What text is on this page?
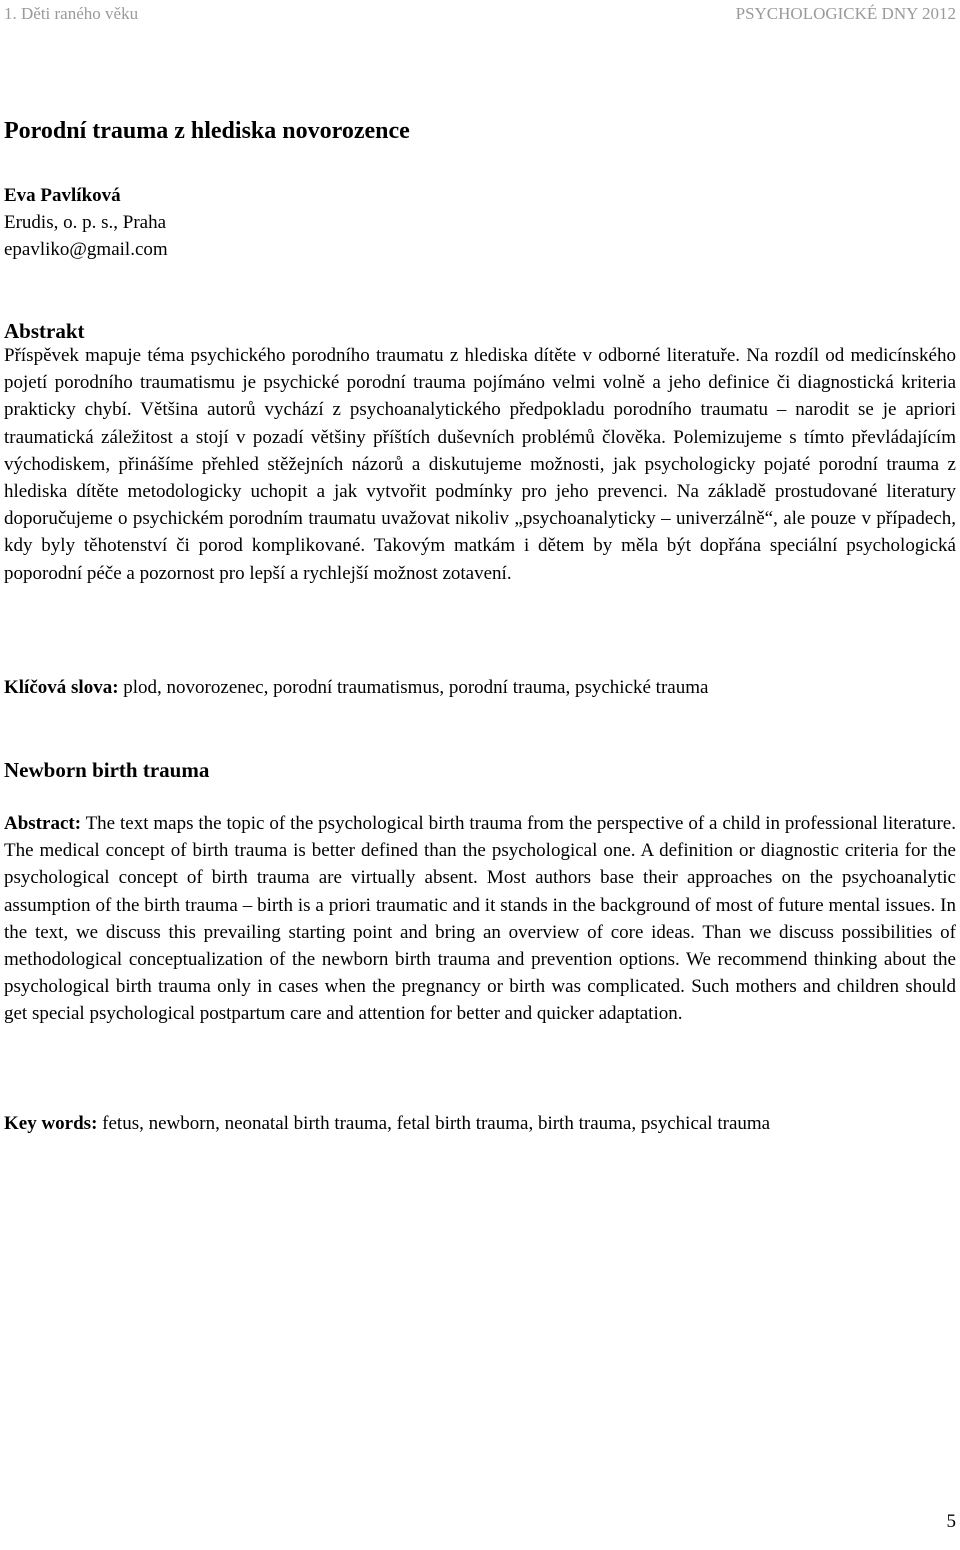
1. Děti raného věku	PSYCHOLOGICKÉ DNY 2012
Porodní trauma z hlediska novorozence
Eva Pavlíková
Erudis, o. p. s., Praha
epavliko@gmail.com
Abstrakt

Příspěvek mapuje téma psychického porodního traumatu z hlediska dítěte v odborné literatuře. Na rozdíl od medicínského pojetí porodního traumatismu je psychické porodní trauma pojímáno velmi volně a jeho definice či diagnostická kriteria prakticky chybí. Většina autorů vychází z psychoanalytického předpokladu porodního traumatu – narodit se je apriori traumatická záležitost a stojí v pozadí většiny příštích duševních problémů člověka. Polemizujeme s tímto převládajícím východiskem, přinášíme přehled stěžejních názorů a diskutujeme možnosti, jak psychologicky pojaté porodní trauma z hlediska dítěte metodologicky uchopit a jak vytvořit podmínky pro jeho prevenci. Na základě prostudované literatury doporučujeme o psychickém porodním traumatu uvažovat nikoliv „psychoanalyticky – univerzálně“, ale pouze v případech, kdy byly těhotenství či porod komplikované. Takovým matkám i dětem by měla být dopřána speciální psychologická poporodní péče a pozornost pro lepší a rychlejší možnost zotavení.

Klíčová slova: plod, novorozenec, porodní traumatismus, porodní trauma, psychické trauma

Newborn birth trauma

Abstract: The text maps the topic of the psychological birth trauma from the perspective of a child in professional literature. The medical concept of birth trauma is better defined than the psychological one. A definition or diagnostic criteria for the psychological concept of birth trauma are virtually absent. Most authors base their approaches on the psychoanalytic assumption of the birth trauma – birth is a priori traumatic and it stands in the background of most of future mental issues. In the text, we discuss this prevailing starting point and bring an overview of core ideas. Than we discuss possibilities of methodological conceptualization of the newborn birth trauma and prevention options. We recommend thinking about the psychological birth trauma only in cases when the pregnancy or birth was complicated. Such mothers and children should get special psychological postpartum care and attention for better and quicker adaptation.

Key words: fetus, newborn, neonatal birth trauma, fetal birth trauma, birth trauma, psychical trauma

5
